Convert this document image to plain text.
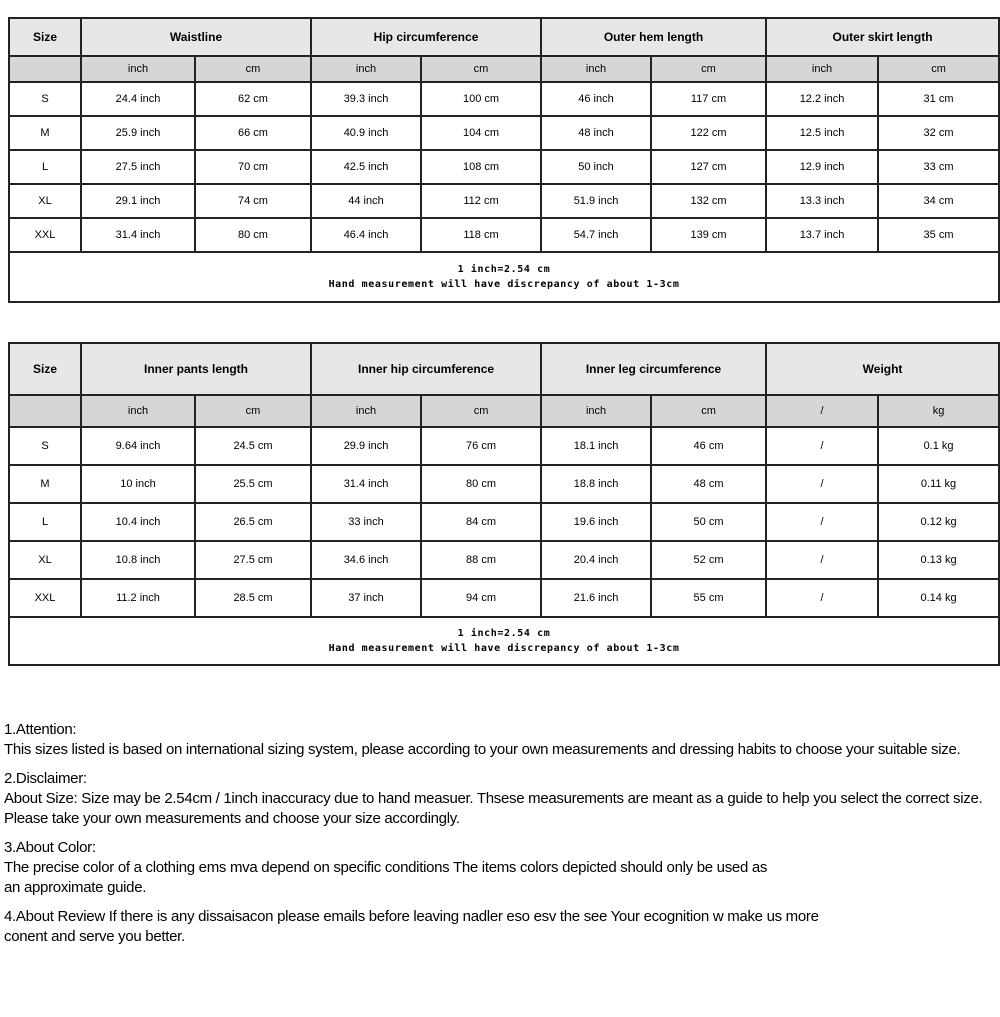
Size	Waistline		Hip circumference		Outer hem length		Outer skirt length	
	inch	cm	inch	cm	inch	cm	inch	cm
S	24.4 inch	62 cm	39.3 inch	100 cm	46 inch	117 cm	12.2 inch	31 cm
M	25.9 inch	66 cm	40.9 inch	104 cm	48 inch	122 cm	12.5 inch	32 cm
L	27.5 inch	70 cm	42.5 inch	108 cm	50 inch	127 cm	12.9 inch	33 cm
XL	29.1 inch	74 cm	44 inch	112 cm	51.9 inch	132 cm	13.3 inch	34 cm
XXL	31.4 inch	80 cm	46.4 inch	118 cm	54.7 inch	139 cm	13.7 inch	35 cm

1 inch=2.54 cm
Hand measurement will have discrepancy of about 1-3cm								
Size	Inner pants length		Inner hip circumference		Inner leg circumference		Weight	
	inch	cm	inch	cm	inch	cm	/	kg
S	9.64 inch	24.5 cm	29.9 inch	76 cm	18.1 inch	46 cm	/	0.1 kg
M	10 inch	25.5 cm	31.4 inch	80 cm	18.8 inch	48 cm	/	0.11 kg
L	10.4 inch	26.5 cm	33 inch	84 cm	19.6 inch	50 cm	/	0.12 kg
XL	10.8 inch	27.5 cm	34.6 inch	88 cm	20.4 inch	52 cm	/	0.13 kg
XXL	11.2 inch	28.5 cm	37 inch	94 cm	21.6 inch	55 cm	/	0.14 kg

1 inch=2.54 cm
Hand measurement will have discrepancy of about 1-3cm								
1.Attention:
This sizes listed is based on international sizing system, please according to your own measurements and dressing habits to choose your suitable size.
2.Disclaimer:
About Size: Size may be 2.54cm / 1inch inaccuracy due to hand measuer. Thsese measurements are meant as a guide to help you select the correct size.
Please take your own measurements and choose your size accordingly.
3.About Color:
The precise color of a clothing ems mva depend on specific conditions The items colors depicted should only be used as
an approximate guide.
4.About Review If there is any dissaisacon please emails before leaving nadler eso esv the see Your ecognition w make us more
conent and serve you better.
